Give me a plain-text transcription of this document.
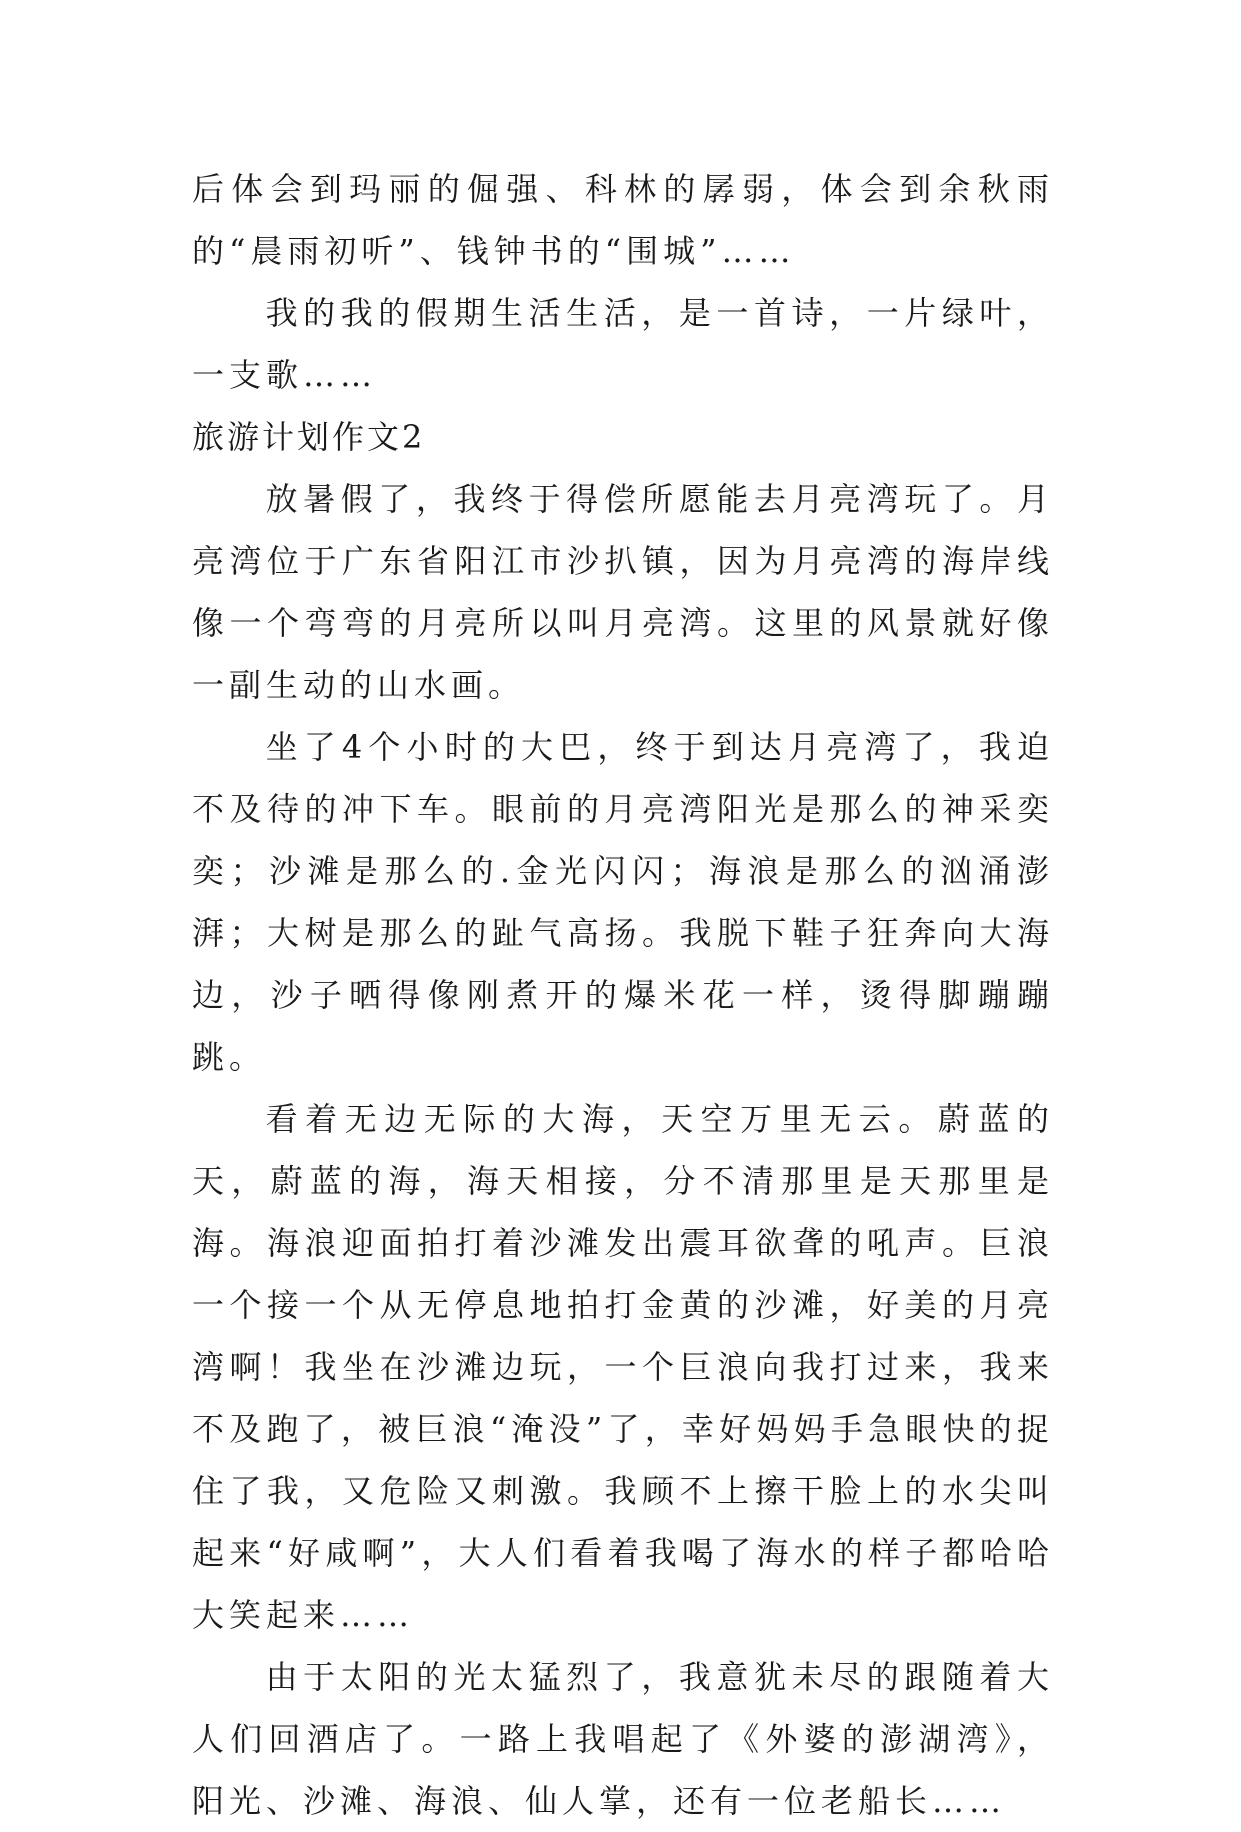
后体会到玛丽的倔强、科林的孱弱，体会到余秋雨的“晨雨初听”、钱钟书的“围城”……

我的我的假期生活生活，是一首诗，一片绿叶，一支歌……

旅游计划作文2

放暑假了，我终于得偿所愿能去月亮湾玩了。月亮湾位于广东省阳江市沙扒镇，因为月亮湾的海岸线像一个弯弯的月亮所以叫月亮湾。这里的风景就好像一副生动的山水画。

坐了4个小时的大巴，终于到达月亮湾了，我迫不及待的冲下车。眼前的月亮湾阳光是那么的神采奕奕；沙滩是那么的.金光闪闪；海浪是那么的汹涌澎湃；大树是那么的趾气高扬。我脱下鞋子狂奔向大海边，沙子晒得像刚煮开的爆米花一样，烫得脚蹦蹦跳。

看着无边无际的大海，天空万里无云。蔚蓝的天，蔚蓝的海，海天相接，分不清那里是天那里是海。海浪迎面拍打着沙滩发出震耳欲聋的吼声。巨浪一个接一个从无停息地拍打金黄的沙滩，好美的月亮湾啊！我坐在沙滩边玩，一个巨浪向我打过来，我来不及跑了，被巨浪“淹没”了，幸好妈妈手急眼快的捉住了我，又危险又刺激。我顾不上擦干脸上的水尖叫起来“好咸啊”，大人们看着我喝了海水的样子都哈哈大笑起来……

由于太阳的光太猛烈了，我意犹未尽的跟随着大人们回酒店了。一路上我唱起了《外婆的澎湖湾》，阳光、沙滩、海浪、仙人掌，还有一位老船长……
